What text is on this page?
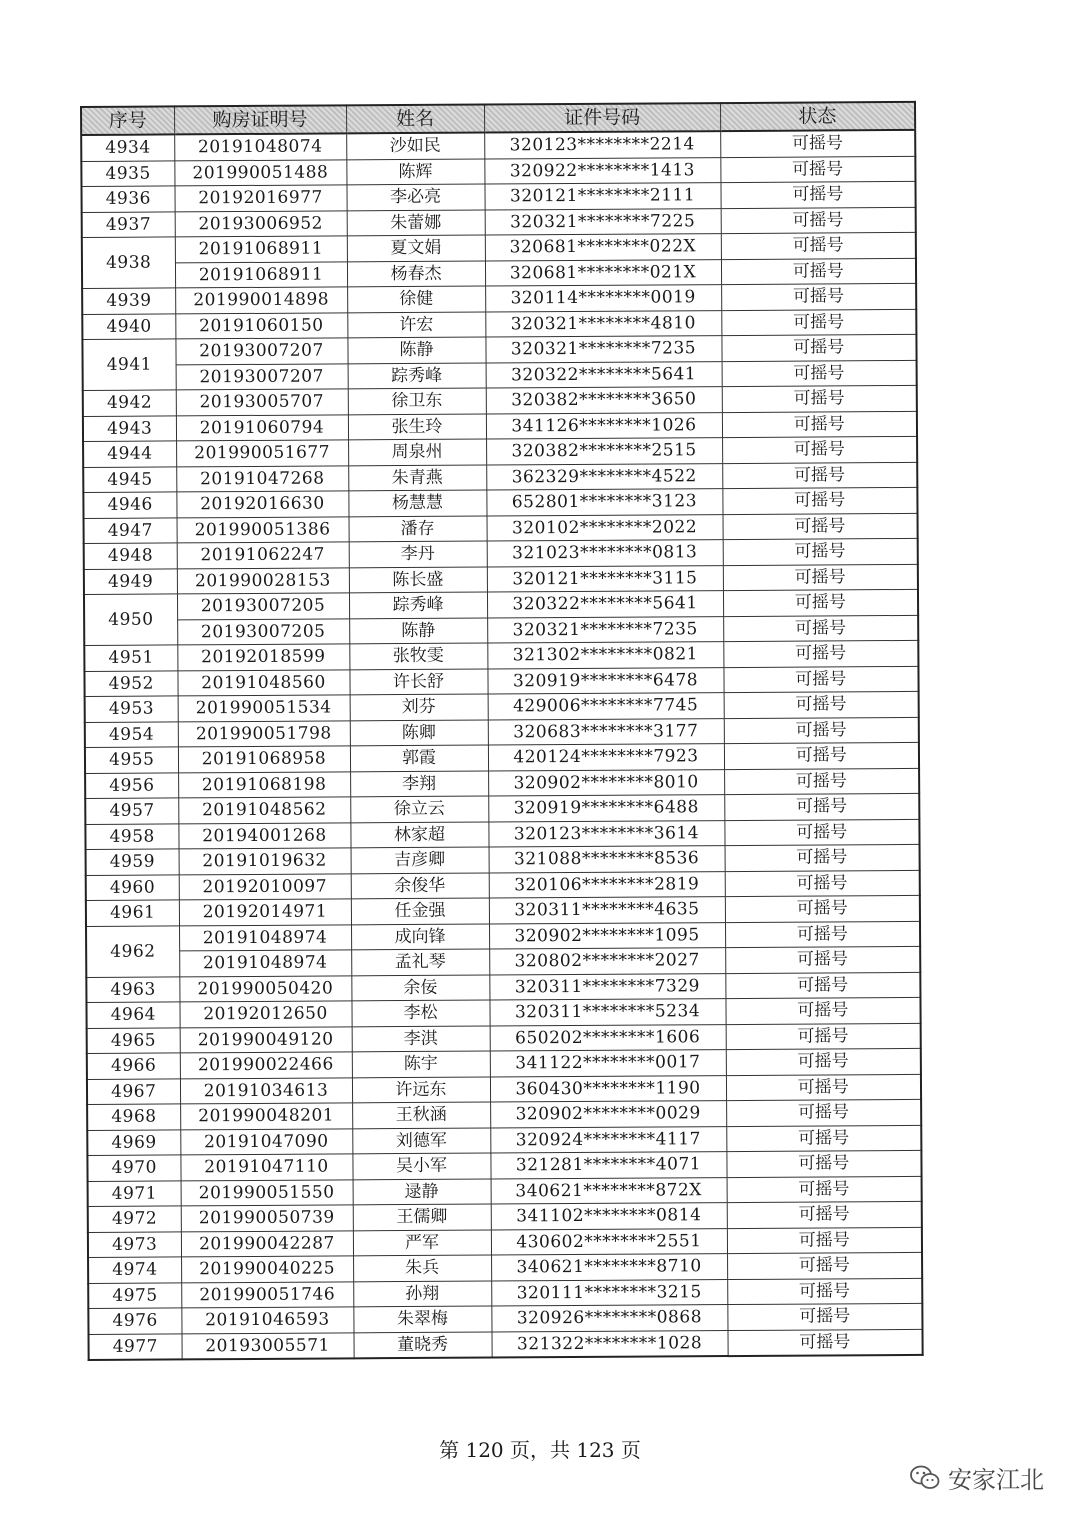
序号	购房证明号	姓名	证件号码	状态
4934	20191048074	沙如民	320123********2214	可摇号
4935	201990051488	陈辉	320922********1413	可摇号
4936	20192016977	李必亮	320121********2111	可摇号
4937	20193006952	朱蕾娜	320321********7225	可摇号
4938	20191068911	夏文娟	320681********022X	可摇号
	20191068911	杨春杰	320681********021X	可摇号
4939	201990014898	徐健	320114********0019	可摇号
4940	20191060150	许宏	320321********4810	可摇号
4941	20193007207	陈静	320321********7235	可摇号
	20193007207	踪秀峰	320322********5641	可摇号
4942	20193005707	徐卫东	320382********3650	可摇号
4943	20191060794	张生玲	341126********1026	可摇号
4944	201990051677	周泉州	320382********2515	可摇号
4945	20191047268	朱青燕	362329********4522	可摇号
4946	20192016630	杨慧慧	652801********3123	可摇号
4947	201990051386	潘存	320102********2022	可摇号
4948	20191062247	李丹	321023********0813	可摇号
4949	201990028153	陈长盛	320121********3115	可摇号
4950	20193007205	踪秀峰	320322********5641	可摇号
	20193007205	陈静	320321********7235	可摇号
4951	20192018599	张牧雯	321302********0821	可摇号
4952	20191048560	许长舒	320919********6478	可摇号
4953	201990051534	刘芬	429006********7745	可摇号
4954	201990051798	陈卿	320683********3177	可摇号
4955	20191068958	郭霞	420124********7923	可摇号
4956	20191068198	李翔	320902********8010	可摇号
4957	20191048562	徐立云	320919********6488	可摇号
4958	20194001268	林家超	320123********3614	可摇号
4959	20191019632	吉彦卿	321088********8536	可摇号
4960	20192010097	余俊华	320106********2819	可摇号
4961	20192014971	任金强	320311********4635	可摇号
4962	20191048974	成向锋	320902********1095	可摇号
	20191048974	孟礼琴	320802********2027	可摇号
4963	201990050420	余佞	320311********7329	可摇号
4964	20192012650	李松	320311********5234	可摇号
4965	201990049120	李淇	650202********1606	可摇号
4966	201990022466	陈宇	341122********0017	可摇号
4967	20191034613	许远东	360430********1190	可摇号
4968	201990048201	王秋涵	320902********0029	可摇号
4969	20191047090	刘德军	320924********4117	可摇号
4970	20191047110	吴小军	321281********4071	可摇号
4971	201990051550	逯静	340621********872X	可摇号
4972	201990050739	王儒卿	341102********0814	可摇号
4973	201990042287	严军	430602********2551	可摇号
4974	201990040225	朱兵	340621********8710	可摇号
4975	201990051746	孙翔	320111********3215	可摇号
4976	20191046593	朱翠梅	320926********0868	可摇号
4977	20193005571	董晓秀	321322********1028	可摇号
第 120 页，共 123 页
安家江北
